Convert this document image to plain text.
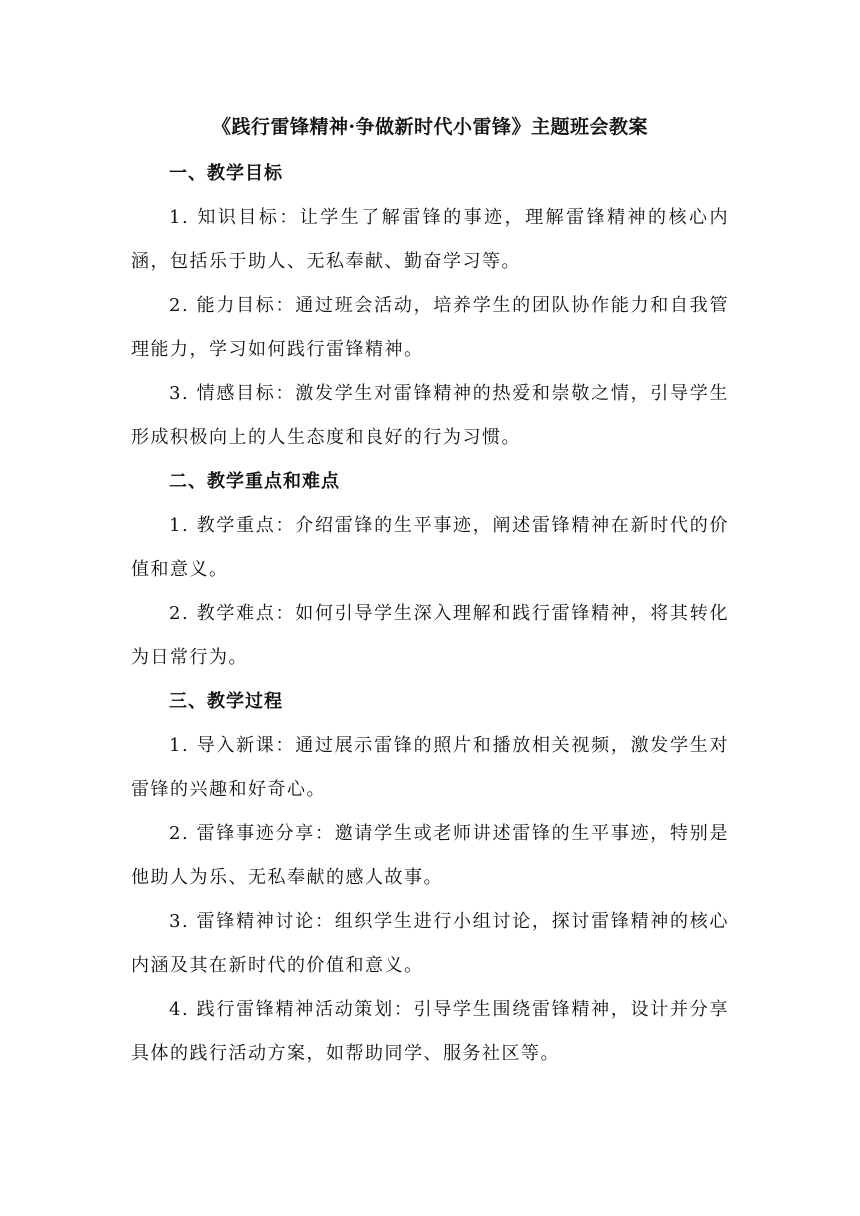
《践行雷锋精神·争做新时代小雷锋》主题班会教案
一、教学目标

1. 知识目标：让学生了解雷锋的事迹，理解雷锋精神的核心内涵，包括乐于助人、无私奉献、勤奋学习等。

2. 能力目标：通过班会活动，培养学生的团队协作能力和自我管理能力，学习如何践行雷锋精神。

3. 情感目标：激发学生对雷锋精神的热爱和崇敬之情，引导学生形成积极向上的人生态度和良好的行为习惯。

二、教学重点和难点

1. 教学重点：介绍雷锋的生平事迹，阐述雷锋精神在新时代的价值和意义。

2. 教学难点：如何引导学生深入理解和践行雷锋精神，将其转化为日常行为。

三、教学过程

1. 导入新课：通过展示雷锋的照片和播放相关视频，激发学生对雷锋的兴趣和好奇心。

2. 雷锋事迹分享：邀请学生或老师讲述雷锋的生平事迹，特别是他助人为乐、无私奉献的感人故事。

3. 雷锋精神讨论：组织学生进行小组讨论，探讨雷锋精神的核心内涵及其在新时代的价值和意义。

4. 践行雷锋精神活动策划：引导学生围绕雷锋精神，设计并分享具体的践行活动方案，如帮助同学、服务社区等。
